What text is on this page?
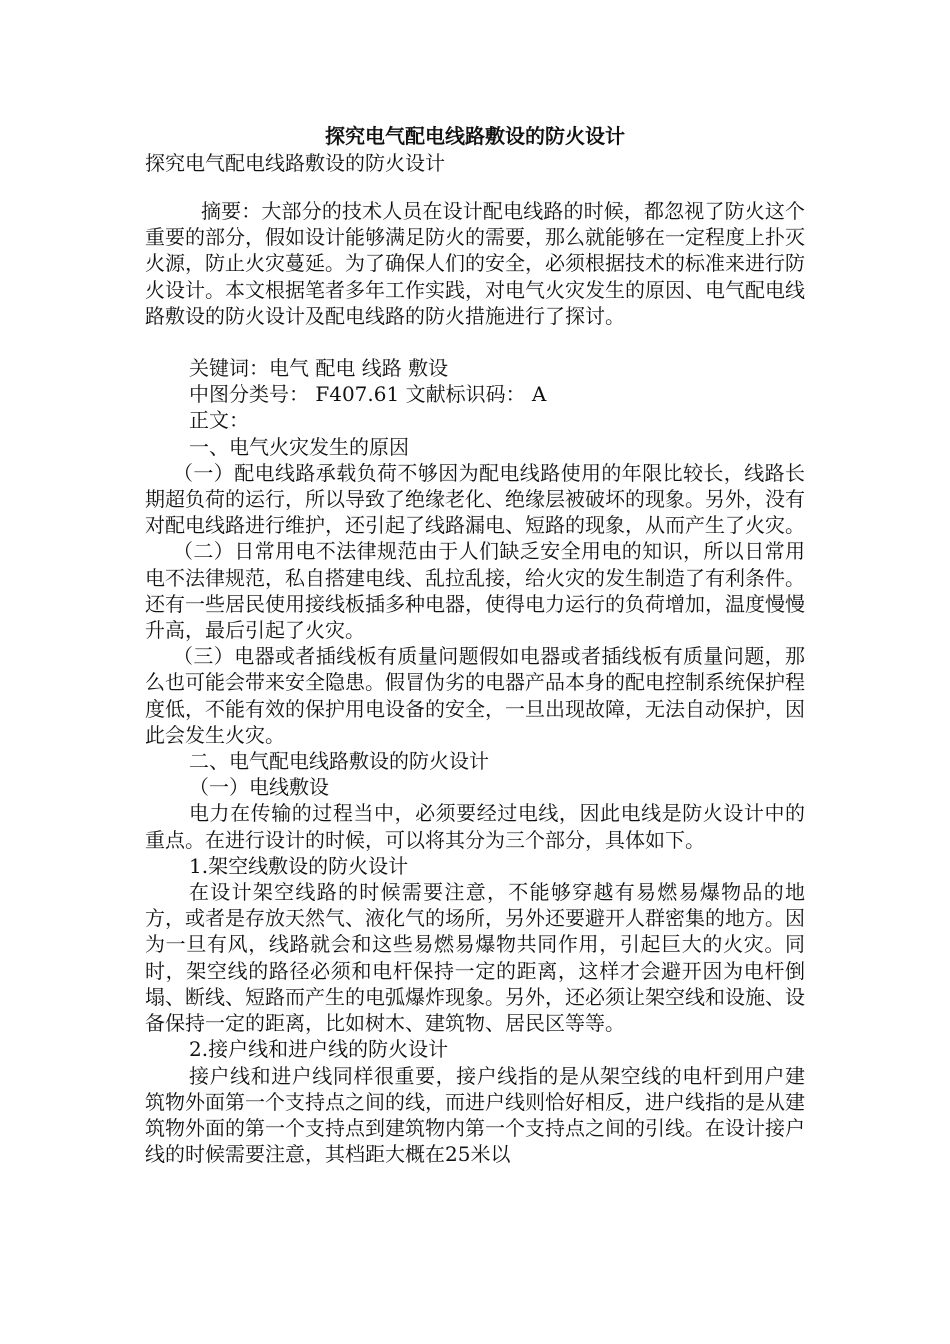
探究电气配电线路敷设的防火设计
探究电气配电线路敷设的防火设计

摘要：大部分的技术人员在设计配电线路的时候，都忽视了防火这个重要的部分，假如设计能够满足防火的需要，那么就能够在一定程度上扑灭火源，防止火灾蔓延。为了确保人们的安全，必须根据技术的标准来进行防火设计。本文根据笔者多年工作实践，对电气火灾发生的原因、电气配电线路敷设的防火设计及配电线路的防火措施进行了探讨。

关键词：电气 配电 线路 敷设

中图分类号： F407.61 文献标识码： A

正文：

一、电气火灾发生的原因

（一）配电线路承载负荷不够因为配电线路使用的年限比较长，线路长期超负荷的运行，所以导致了绝缘老化、绝缘层被破坏的现象。另外，没有对配电线路进行维护，还引起了线路漏电、短路的现象，从而产生了火灾。

（二）日常用电不法律规范由于人们缺乏安全用电的知识，所以日常用电不法律规范，私自搭建电线、乱拉乱接，给火灾的发生制造了有利条件。还有一些居民使用接线板插多种电器，使得电力运行的负荷增加，温度慢慢升高，最后引起了火灾。

（三）电器或者插线板有质量问题假如电器或者插线板有质量问题，那么也可能会带来安全隐患。假冒伪劣的电器产品本身的配电控制系统保护程度低，不能有效的保护用电设备的安全，一旦出现故障，无法自动保护，因此会发生火灾。

二、电气配电线路敷设的防火设计

（一）电线敷设

电力在传输的过程当中，必须要经过电线，因此电线是防火设计中的重点。在进行设计的时候，可以将其分为三个部分，具体如下。

1.架空线敷设的防火设计

在设计架空线路的时候需要注意，不能够穿越有易燃易爆物品的地方，或者是存放天然气、液化气的场所，另外还要避开人群密集的地方。因为一旦有风，线路就会和这些易燃易爆物共同作用，引起巨大的火灾。同时，架空线的路径必须和电杆保持一定的距离，这样才会避开因为电杆倒塌、断线、短路而产生的电弧爆炸现象。另外，还必须让架空线和设施、设备保持一定的距离，比如树木、建筑物、居民区等等。

2.接户线和进户线的防火设计

接户线和进户线同样很重要，接户线指的是从架空线的电杆到用户建筑物外面第一个支持点之间的线，而进户线则恰好相反，进户线指的是从建筑物外面的第一个支持点到建筑物内第一个支持点之间的引线。在设计接户线的时候需要注意，其档距大概在25米以
